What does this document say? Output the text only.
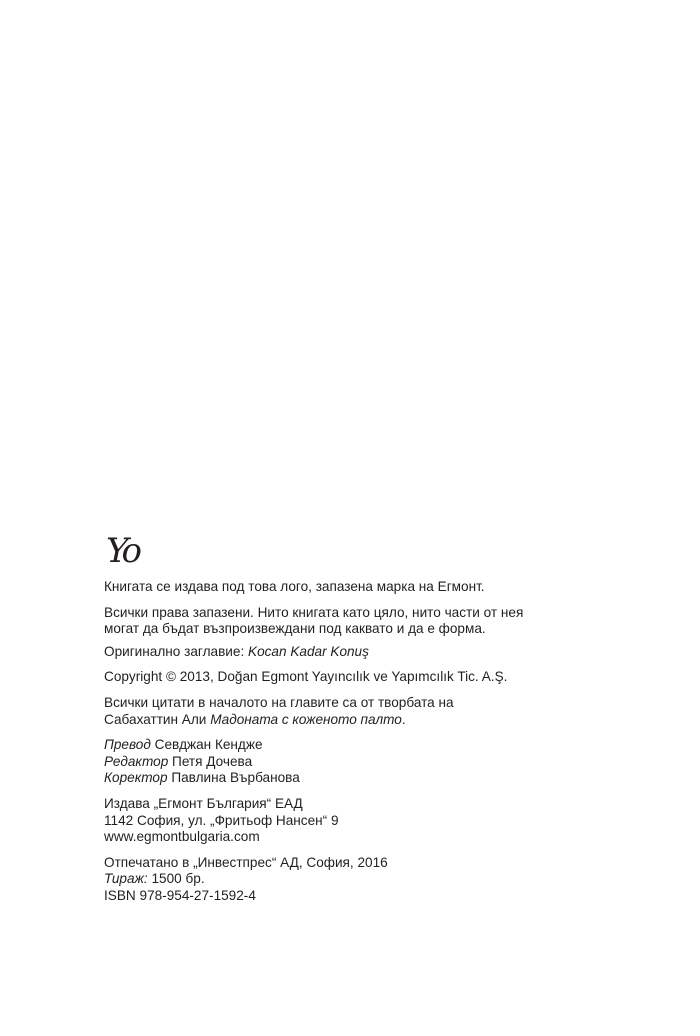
Yo
Книгата се издава под това лого, запазена марка на Егмонт.
Всички права запазени. Нито книгата като цяло, нито части от нея
могат да бъдат възпроизвеждани под каквато и да е форма.
Оригинално заглавие: Kocan Kadar Konuş
Copyright © 2013, Doğan Egmont Yayıncılık ve Yapımcılık Tic. A.Ş.
Всички цитати в началото на главите са от творбата на
Сабахаттин Али Мадоната с коженото палто.
Превод Севджан Кендже
Редактор Петя Дочева
Коректор Павлина Върбанова
Издава „Егмонт България“ ЕАД
1142 София, ул. „Фритьоф Нансен“ 9
www.egmontbulgaria.com
Отпечатано в „Инвестпрес“ АД, София, 2016
Тираж: 1500 бр.
ISBN 978-954-27-1592-4
